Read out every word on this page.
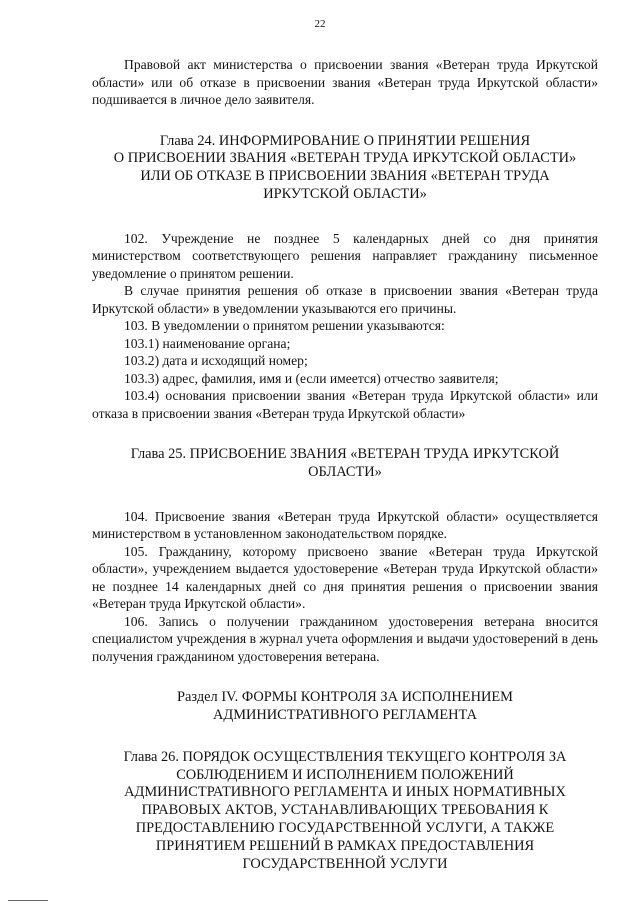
22

Правовой акт министерства о присвоении звания «Ветеран труда Иркутской области» или об отказе в присвоении звания «Ветеран труда Иркутской области» подшивается в личное дело заявителя.

Глава 24. ИНФОРМИРОВАНИЕ О ПРИНЯТИИ РЕШЕНИЯ
О ПРИСВОЕНИИ ЗВАНИЯ «ВЕТЕРАН ТРУДА ИРКУТСКОЙ ОБЛАСТИ»
ИЛИ ОБ ОТКАЗЕ В ПРИСВОЕНИИ ЗВАНИЯ «ВЕТЕРАН ТРУДА
ИРКУТСКОЙ ОБЛАСТИ»

102. Учреждение не позднее 5 календарных дней со дня принятия министерством соответствующего решения направляет гражданину письменное уведомление о принятом решении.

В случае принятия решения об отказе в присвоении звания «Ветеран труда Иркутской области» в уведомлении указываются его причины.

103. В уведомлении о принятом решении указываются:

103.1) наименование органа;

103.2) дата и исходящий номер;

103.3) адрес, фамилия, имя и (если имеется) отчество заявителя;

103.4) основания присвоении звания «Ветеран труда Иркутской области» или отказа в присвоении звания «Ветеран труда Иркутской области»

Глава 25. ПРИСВОЕНИЕ ЗВАНИЯ «ВЕТЕРАН ТРУДА ИРКУТСКОЙ
ОБЛАСТИ»

104. Присвоение звания «Ветеран труда Иркутской области» осуществляется министерством в установленном законодательством порядке.

105. Гражданину, которому присвоено звание «Ветеран труда Иркутской области», учреждением выдается удостоверение «Ветеран труда Иркутской области» не позднее 14 календарных дней со дня принятия решения о присвоении звания «Ветеран труда Иркутской области».

106. Запись о получении гражданином удостоверения ветерана вносится специалистом учреждения в журнал учета оформления и выдачи удостоверений в день получения гражданином удостоверения ветерана.

Раздел IV. ФОРМЫ КОНТРОЛЯ ЗА ИСПОЛНЕНИЕМ
АДМИНИСТРАТИВНОГО РЕГЛАМЕНТА
Глава 26. ПОРЯДОК ОСУЩЕСТВЛЕНИЯ ТЕКУЩЕГО КОНТРОЛЯ ЗА
СОБЛЮДЕНИЕМ И ИСПОЛНЕНИЕМ ПОЛОЖЕНИЙ
АДМИНИСТРАТИВНОГО РЕГЛАМЕНТА И ИНЫХ НОРМАТИВНЫХ
ПРАВОВЫХ АКТОВ, УСТАНАВЛИВАЮЩИХ ТРЕБОВАНИЯ К
ПРЕДОСТАВЛЕНИЮ ГОСУДАРСТВЕННОЙ УСЛУГИ, А ТАКЖЕ
ПРИНЯТИЕМ РЕШЕНИЙ В РАМКАХ ПРЕДОСТАВЛЕНИЯ
ГОСУДАРСТВЕННОЙ УСЛУГИ
